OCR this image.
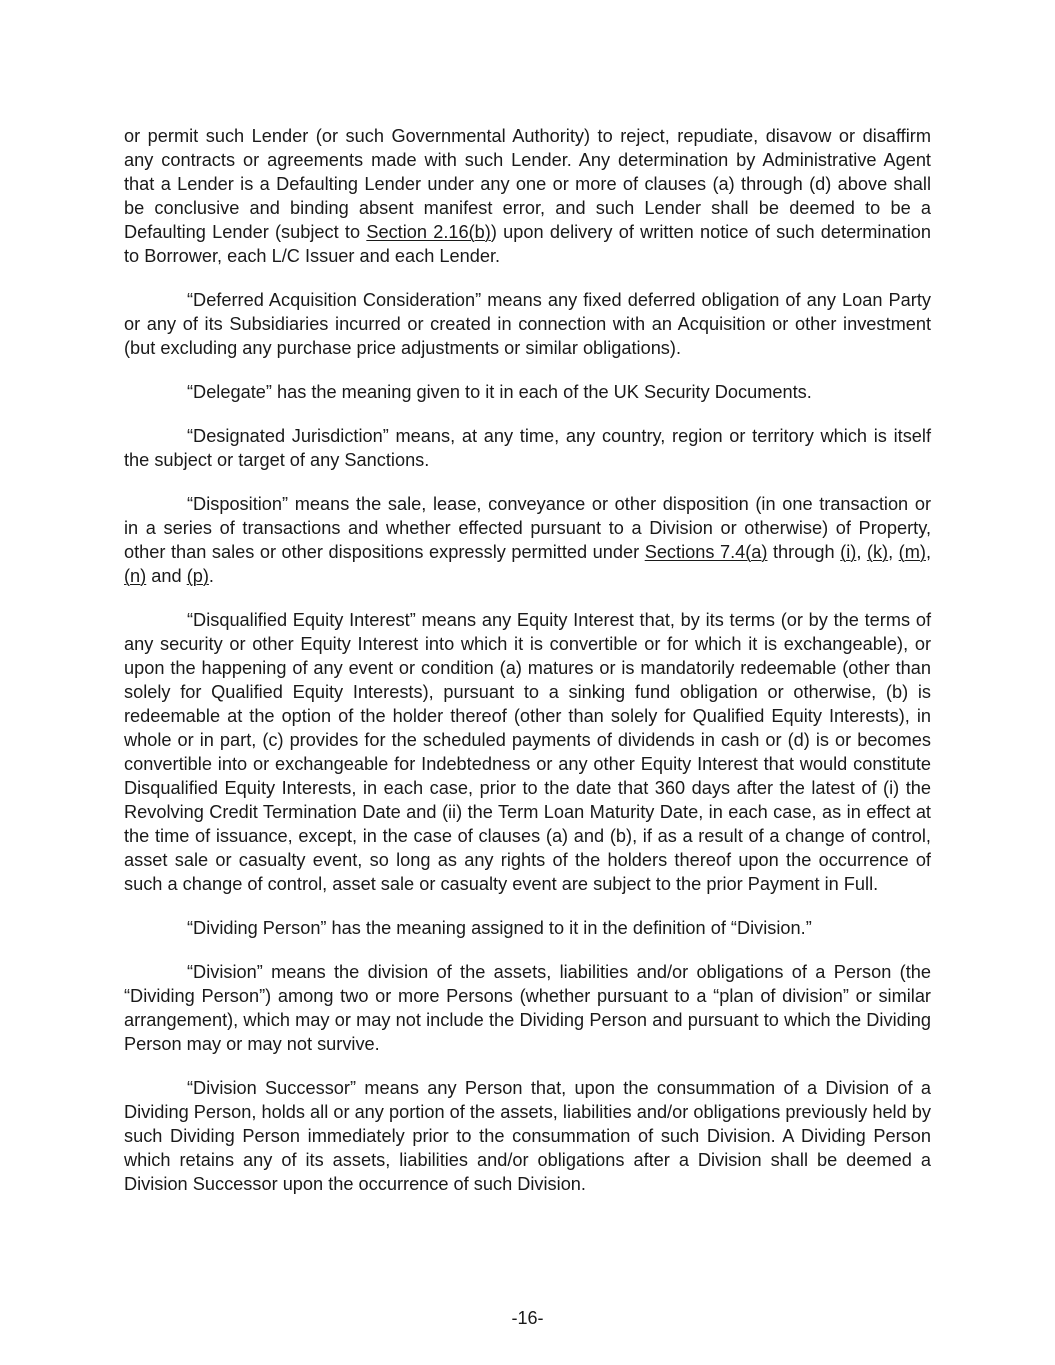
or permit such Lender (or such Governmental Authority) to reject, repudiate, disavow or disaffirm any contracts or agreements made with such Lender. Any determination by Administrative Agent that a Lender is a Defaulting Lender under any one or more of clauses (a) through (d) above shall be conclusive and binding absent manifest error, and such Lender shall be deemed to be a Defaulting Lender (subject to Section 2.16(b)) upon delivery of written notice of such determination to Borrower, each L/C Issuer and each Lender.

“Deferred Acquisition Consideration” means any fixed deferred obligation of any Loan Party or any of its Subsidiaries incurred or created in connection with an Acquisition or other investment (but excluding any purchase price adjustments or similar obligations).

“Delegate” has the meaning given to it in each of the UK Security Documents.

“Designated Jurisdiction” means, at any time, any country, region or territory which is itself the subject or target of any Sanctions.

“Disposition” means the sale, lease, conveyance or other disposition (in one transaction or in a series of transactions and whether effected pursuant to a Division or otherwise) of Property, other than sales or other dispositions expressly permitted under Sections 7.4(a) through (i), (k), (m), (n) and (p).

“Disqualified Equity Interest” means any Equity Interest that, by its terms (or by the terms of any security or other Equity Interest into which it is convertible or for which it is exchangeable), or upon the happening of any event or condition (a) matures or is mandatorily redeemable (other than solely for Qualified Equity Interests), pursuant to a sinking fund obligation or otherwise, (b) is redeemable at the option of the holder thereof (other than solely for Qualified Equity Interests), in whole or in part, (c) provides for the scheduled payments of dividends in cash or (d) is or becomes convertible into or exchangeable for Indebtedness or any other Equity Interest that would constitute Disqualified Equity Interests, in each case, prior to the date that 360 days after the latest of (i) the Revolving Credit Termination Date and (ii) the Term Loan Maturity Date, in each case, as in effect at the time of issuance, except, in the case of clauses (a) and (b), if as a result of a change of control, asset sale or casualty event, so long as any rights of the holders thereof upon the occurrence of such a change of control, asset sale or casualty event are subject to the prior Payment in Full.

“Dividing Person” has the meaning assigned to it in the definition of “Division.”

“Division” means the division of the assets, liabilities and/or obligations of a Person (the “Dividing Person”) among two or more Persons (whether pursuant to a “plan of division” or similar arrangement), which may or may not include the Dividing Person and pursuant to which the Dividing Person may or may not survive.

“Division Successor” means any Person that, upon the consummation of a Division of a Dividing Person, holds all or any portion of the assets, liabilities and/or obligations previously held by such Dividing Person immediately prior to the consummation of such Division. A Dividing Person which retains any of its assets, liabilities and/or obligations after a Division shall be deemed a Division Successor upon the occurrence of such Division.

-16-
